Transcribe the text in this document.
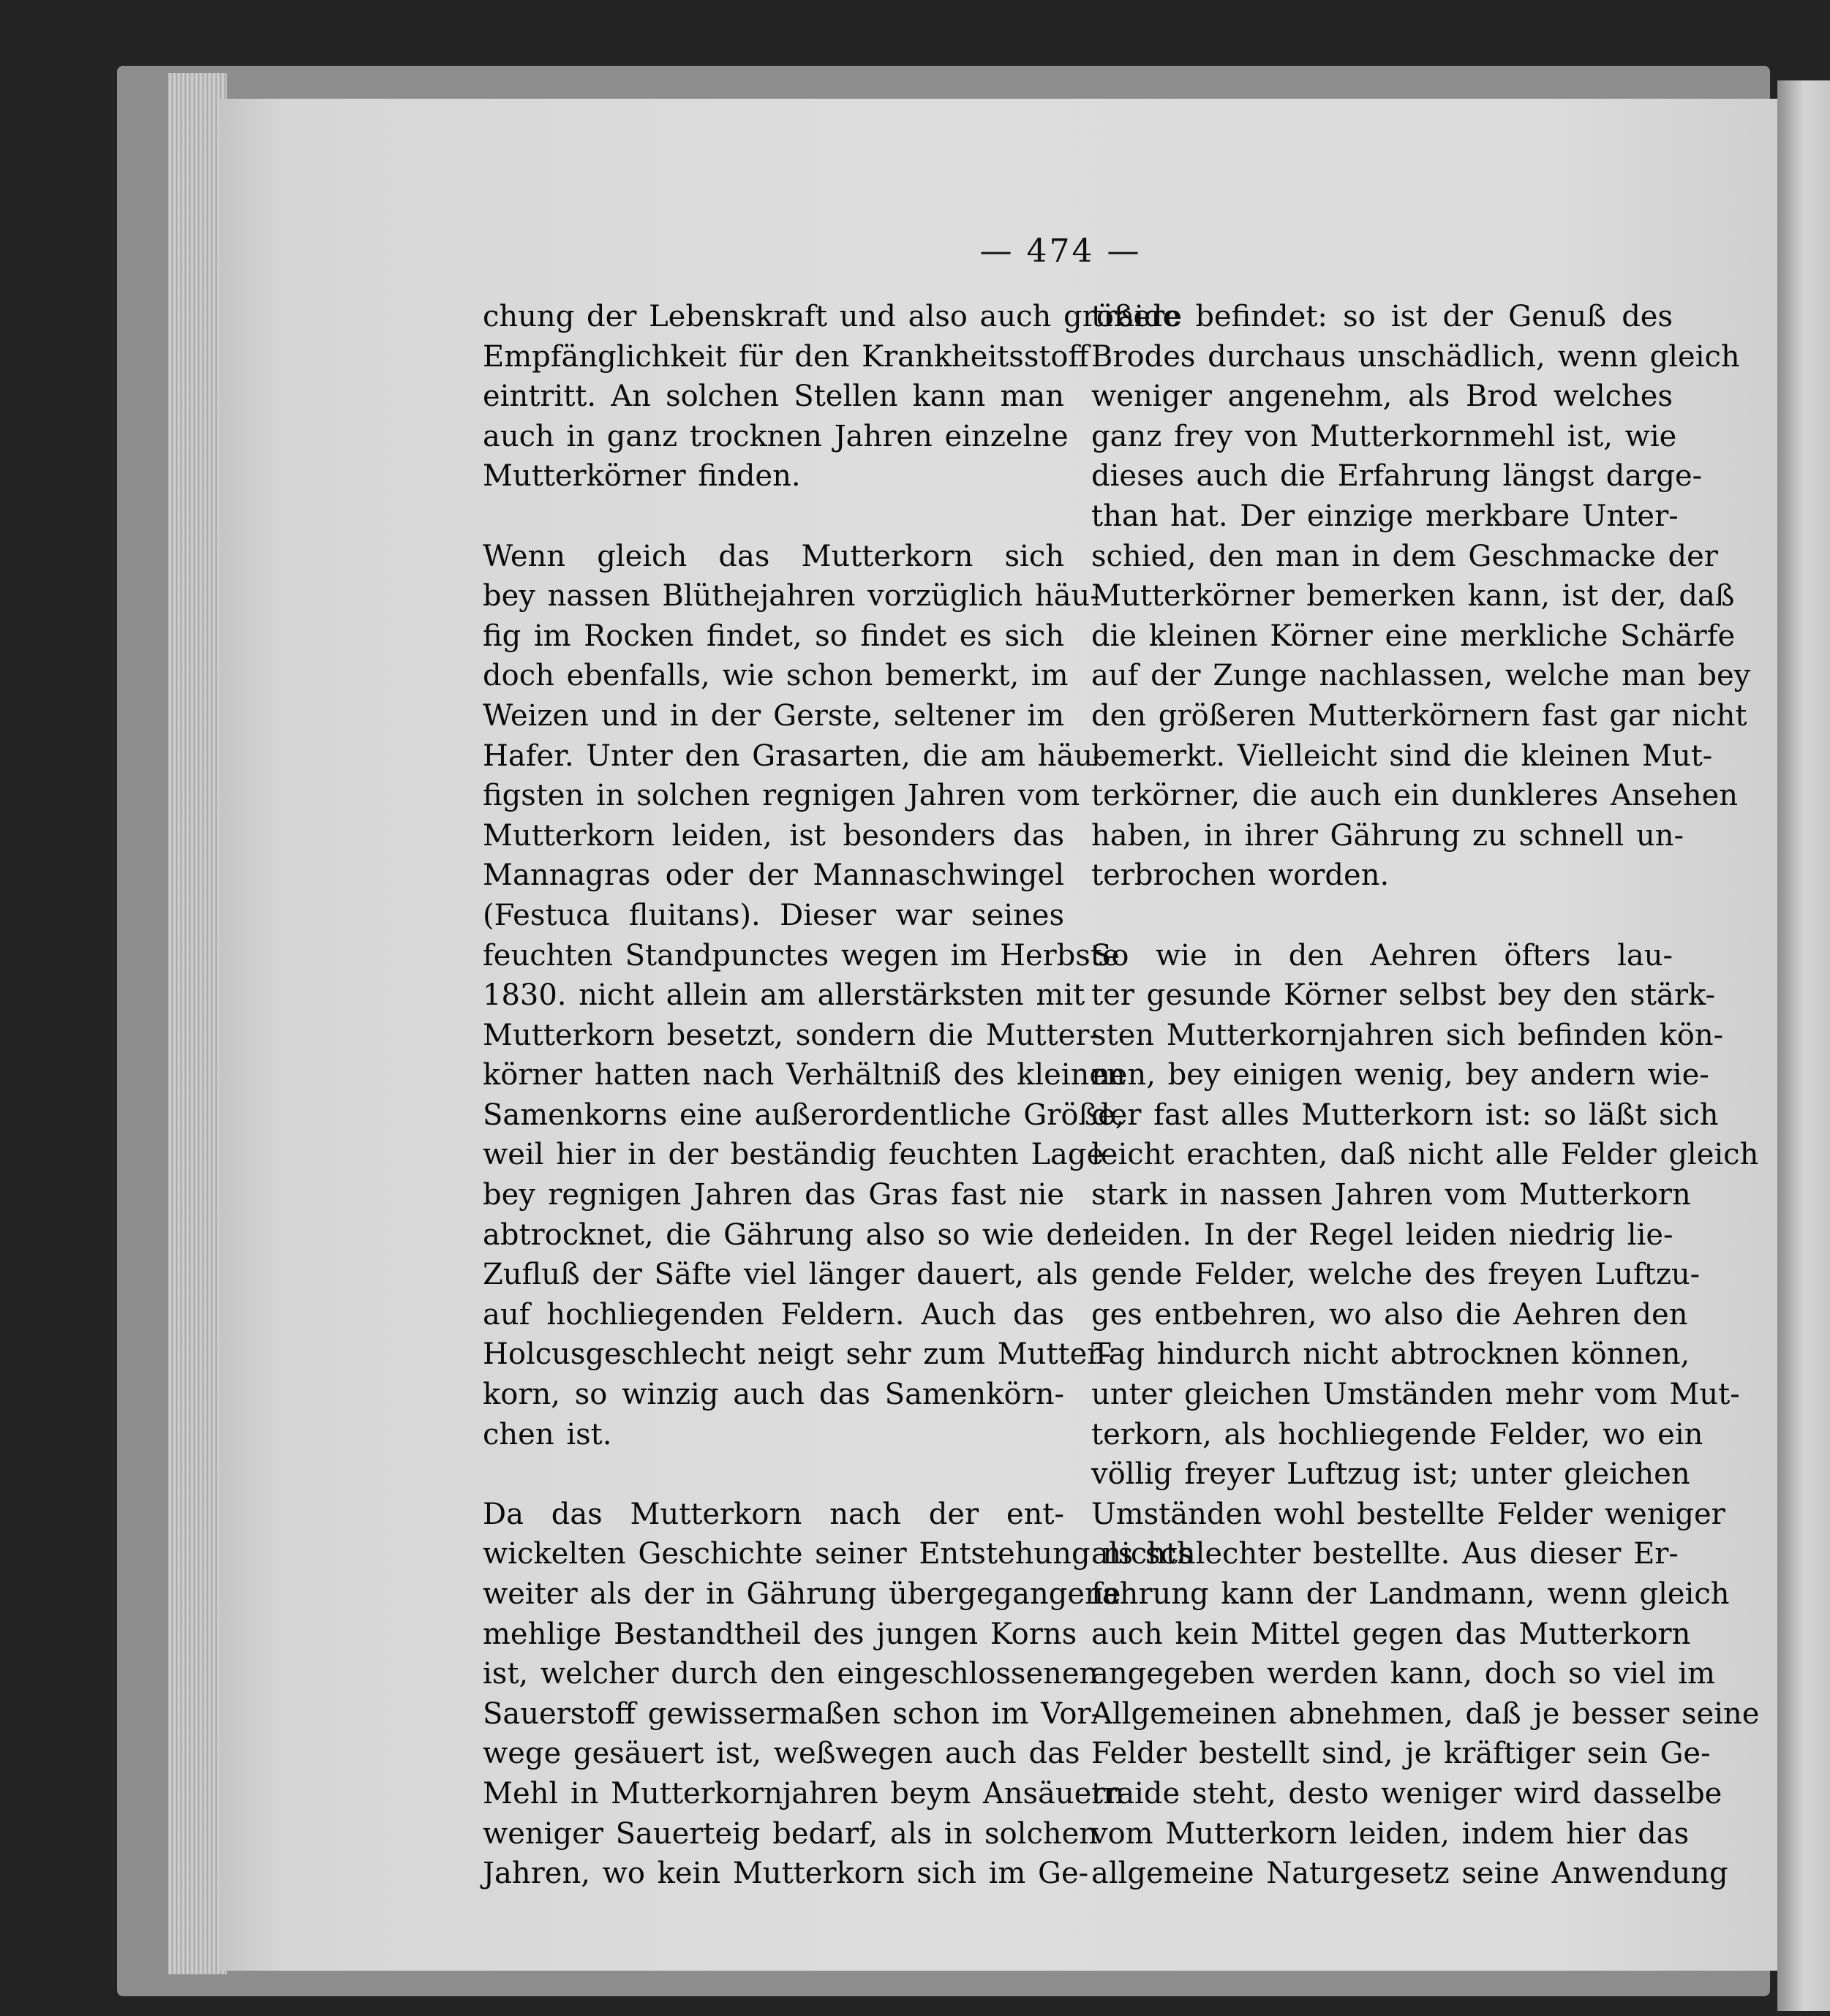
— 474 —
chung der Lebenskraft und also auch größere
Empfänglichkeit für den Krankheitsstoff
eintritt. An solchen Stellen kann man
auch in ganz trocknen Jahren einzelne
Mutterkörner finden.
Wenn gleich das Mutterkorn sich
bey nassen Blüthejahren vorzüglich häu-
fig im Rocken findet, so findet es sich
doch ebenfalls, wie schon bemerkt, im
Weizen und in der Gerste, seltener im
Hafer. Unter den Grasarten, die am häu-
figsten in solchen regnigen Jahren vom
Mutterkorn leiden, ist besonders das
Mannagras oder der Mannaschwingel
(Festuca fluitans). Dieser war seines
feuchten Standpunctes wegen im Herbste
1830. nicht allein am allerstärksten mit
Mutterkorn besetzt, sondern die Mutter-
körner hatten nach Verhältniß des kleinen
Samenkorns eine außerordentliche Größe,
weil hier in der beständig feuchten Lage
bey regnigen Jahren das Gras fast nie
abtrocknet, die Gährung also so wie der
Zufluß der Säfte viel länger dauert, als
auf hochliegenden Feldern. Auch das
Holcusgeschlecht neigt sehr zum Mutter-
korn, so winzig auch das Samenkörn-
chen ist.
Da das Mutterkorn nach der ent-
wickelten Geschichte seiner Entstehung nichts
weiter als der in Gährung übergegangene
mehlige Bestandtheil des jungen Korns
ist, welcher durch den eingeschlossenen
Sauerstoff gewissermaßen schon im Vor-
wege gesäuert ist, weßwegen auch das
Mehl in Mutterkornjahren beym Ansäuern
weniger Sauerteig bedarf, als in solchen
Jahren, wo kein Mutterkorn sich im Ge-
traide befindet: so ist der Genuß des
Brodes durchaus unschädlich, wenn gleich
weniger angenehm, als Brod welches
ganz frey von Mutterkornmehl ist, wie
dieses auch die Erfahrung längst darge-
than hat. Der einzige merkbare Unter-
schied, den man in dem Geschmacke der
Mutterkörner bemerken kann, ist der, daß
die kleinen Körner eine merkliche Schärfe
auf der Zunge nachlassen, welche man bey
den größeren Mutterkörnern fast gar nicht
bemerkt. Vielleicht sind die kleinen Mut-
terkörner, die auch ein dunkleres Ansehen
haben, in ihrer Gährung zu schnell un-
terbrochen worden.
So wie in den Aehren öfters lau-
ter gesunde Körner selbst bey den stärk-
sten Mutterkornjahren sich befinden kön-
nen, bey einigen wenig, bey andern wie-
der fast alles Mutterkorn ist: so läßt sich
leicht erachten, daß nicht alle Felder gleich
stark in nassen Jahren vom Mutterkorn
leiden. In der Regel leiden niedrig lie-
gende Felder, welche des freyen Luftzu-
ges entbehren, wo also die Aehren den
Tag hindurch nicht abtrocknen können,
unter gleichen Umständen mehr vom Mut-
terkorn, als hochliegende Felder, wo ein
völlig freyer Luftzug ist; unter gleichen
Umständen wohl bestellte Felder weniger
als schlechter bestellte. Aus dieser Er-
fahrung kann der Landmann, wenn gleich
auch kein Mittel gegen das Mutterkorn
angegeben werden kann, doch so viel im
Allgemeinen abnehmen, daß je besser seine
Felder bestellt sind, je kräftiger sein Ge-
traide steht, desto weniger wird dasselbe
vom Mutterkorn leiden, indem hier das
allgemeine Naturgesetz seine Anwendung
